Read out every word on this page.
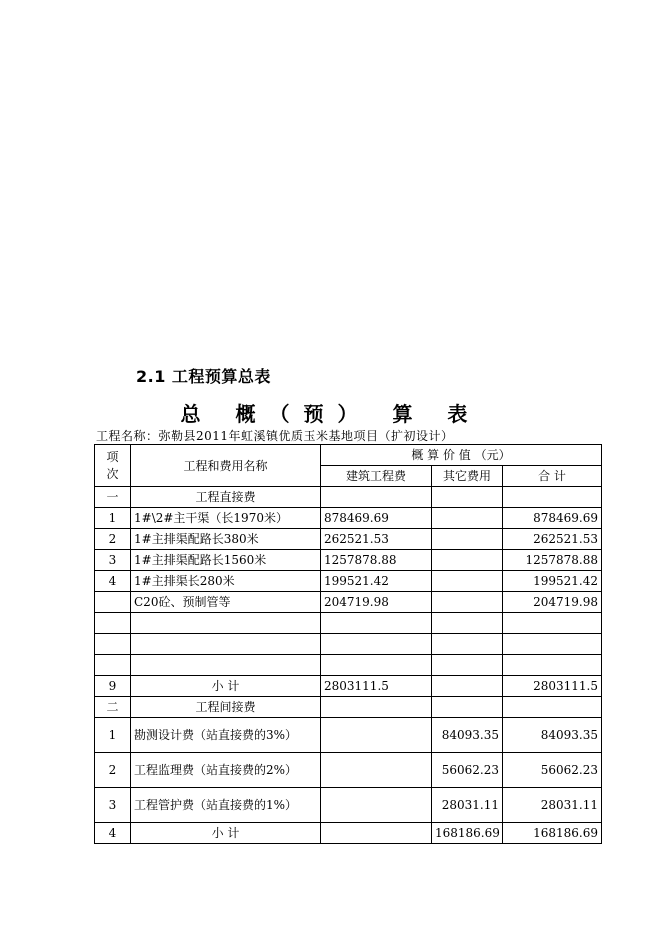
2.1 工程预算总表
总 概（预） 算 表
工程名称：弥勒县2011年虹溪镇优质玉米基地项目（扩初设计）
项
次	工程和费用名称	概 算 价 值 （元）		
		建筑工程费	其它费用	合 计
一	工程直接费			
1	1#\2#主干渠（长1970米）	878469.69		878469.69
2	1#主排渠配路长380米	262521.53		262521.53
3	1#主排渠配路长1560米	1257878.88		1257878.88
4	1#主排渠长280米	199521.42		199521.42
	C20砼、预制管等	204719.98		204719.98

9	小 计	2803111.5		2803111.5
二	工程间接费			
1	勘测设计费（站直接费的3%）		84093.35	84093.35
2	工程监理费（站直接费的2%）		56062.23	56062.23
3	工程管护费（站直接费的1%）		28031.11	28031.11
4	小 计		168186.69	168186.69
